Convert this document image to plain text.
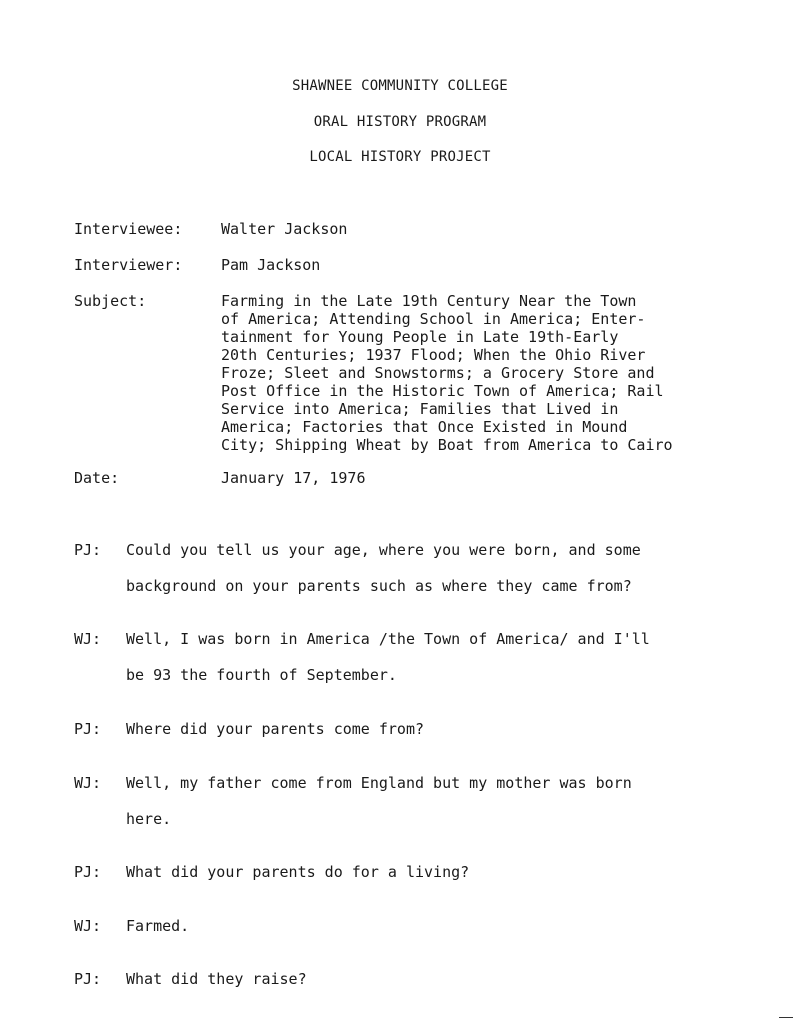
SHAWNEE COMMUNITY COLLEGE
ORAL HISTORY PROGRAM
LOCAL HISTORY PROJECT
Interviewee:	Walter Jackson
Interviewer:	Pam Jackson
Subject:	Farming in the Late 19th Century Near the Town
of America; Attending School in America; Enter-
tainment for Young People in Late 19th-Early
20th Centuries; 1937 Flood; When the Ohio River
Froze; Sleet and Snowstorms; a Grocery Store and
Post Office in the Historic Town of America; Rail
Service into America; Families that Lived in
America; Factories that Once Existed in Mound
City; Shipping Wheat by Boat from America to Cairo
Date:	January 17, 1976
PJ: Could you tell us your age, where you were born, and some
background on your parents such as where they came from?
WJ: Well, I was born in America /the Town of America/ and I'll
be 93 the fourth of September.
PJ: Where did your parents come from?
WJ: Well, my father come from England but my mother was born
here.
PJ: What did your parents do for a living?
WJ: Farmed.
PJ: What did they raise?
